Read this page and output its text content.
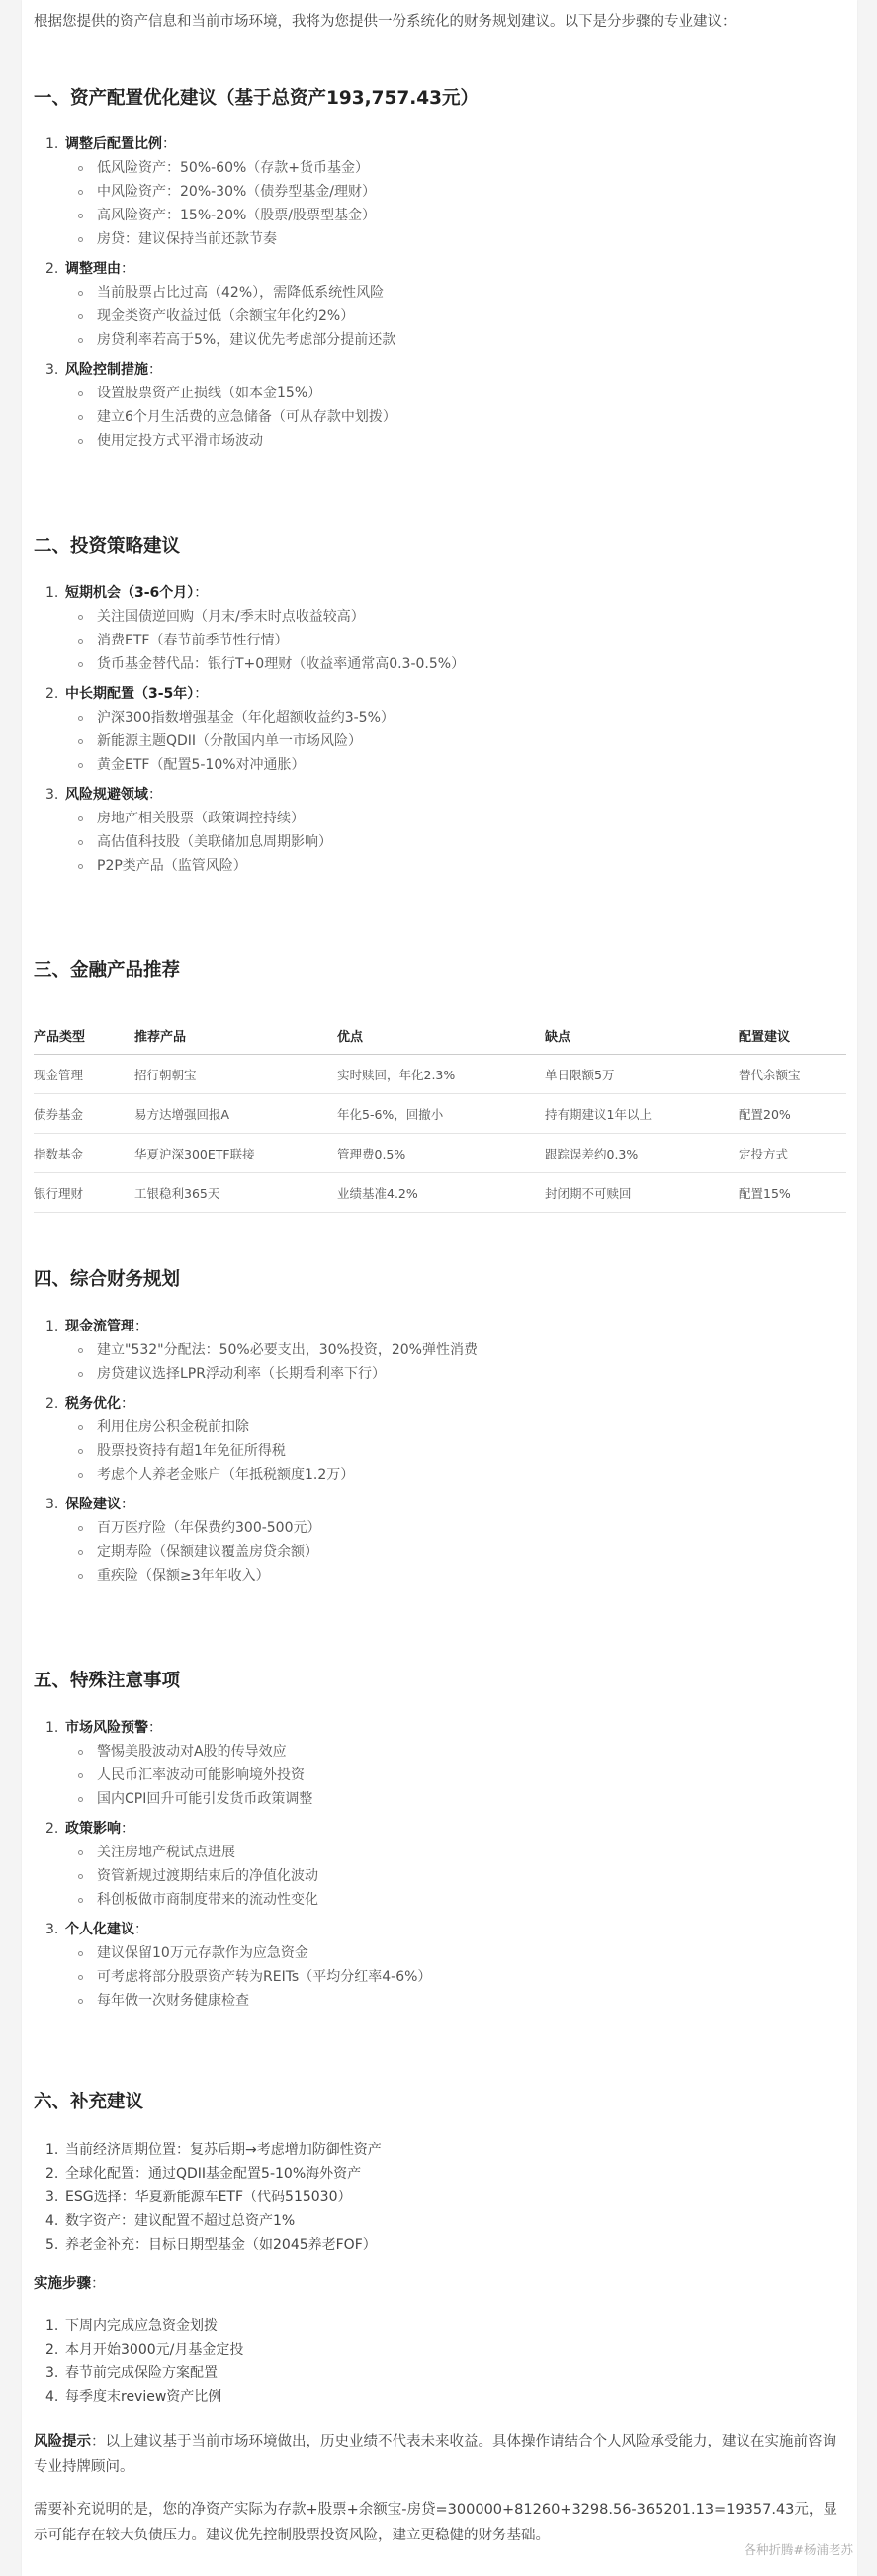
根据您提供的资产信息和当前市场环境，我将为您提供一份系统化的财务规划建议。以下是分步骤的专业建议：

一、资产配置优化建议（基于总资产193,757.43元）
1. 调整后配置比例：
低风险资产：50%-60%（存款+货币基金）
中风险资产：20%-30%（债券型基金/理财）
高风险资产：15%-20%（股票/股票型基金）
房贷：建议保持当前还款节奏
2. 调整理由：
当前股票占比过高（42%），需降低系统性风险
现金类资产收益过低（余额宝年化约2%）
房贷利率若高于5%，建议优先考虑部分提前还款
3. 风险控制措施：
设置股票资产止损线（如本金15%）
建立6个月生活费的应急储备（可从存款中划拨）
使用定投方式平滑市场波动
二、投资策略建议
1. 短期机会（3-6个月）：
关注国债逆回购（月末/季末时点收益较高）
消费ETF（春节前季节性行情）
货币基金替代品：银行T+0理财（收益率通常高0.3-0.5%）
2. 中长期配置（3-5年）：
沪深300指数增强基金（年化超额收益约3-5%）
新能源主题QDII（分散国内单一市场风险）
黄金ETF（配置5-10%对冲通胀）
3. 风险规避领域：
房地产相关股票（政策调控持续）
高估值科技股（美联储加息周期影响）
P2P类产品（监管风险）
三、金融产品推荐
产品类型	推荐产品	优点	缺点	配置建议
现金管理	招行朝朝宝	实时赎回，年化2.3%	单日限额5万	替代余额宝
债券基金	易方达增强回报A	年化5-6%，回撤小	持有期建议1年以上	配置20%
指数基金	华夏沪深300ETF联接	管理费0.5%	跟踪误差约0.3%	定投方式
银行理财	工银稳利365天	业绩基准4.2%	封闭期不可赎回	配置15%
四、综合财务规划
1. 现金流管理：
建立"532"分配法：50%必要支出，30%投资，20%弹性消费
房贷建议选择LPR浮动利率（长期看利率下行）
2. 税务优化：
利用住房公积金税前扣除
股票投资持有超1年免征所得税
考虑个人养老金账户（年抵税额度1.2万）
3. 保险建议：
百万医疗险（年保费约300-500元）
定期寿险（保额建议覆盖房贷余额）
重疾险（保额≥3年年收入）
五、特殊注意事项
1. 市场风险预警：
警惕美股波动对A股的传导效应
人民币汇率波动可能影响境外投资
国内CPI回升可能引发货币政策调整
2. 政策影响：
关注房地产税试点进展
资管新规过渡期结束后的净值化波动
科创板做市商制度带来的流动性变化
3. 个人化建议：
建议保留10万元存款作为应急资金
可考虑将部分股票资产转为REITs（平均分红率4-6%）
每年做一次财务健康检查
六、补充建议
1. 当前经济周期位置：复苏后期→考虑增加防御性资产
2. 全球化配置：通过QDII基金配置5-10%海外资产
3. ESG选择：华夏新能源车ETF（代码515030）
4. 数字资产：建议配置不超过总资产1%
5. 养老金补充：目标日期型基金（如2045养老FOF）

实施步骤：

1. 下周内完成应急资金划拨
2. 本月开始3000元/月基金定投
3. 春节前完成保险方案配置
4. 每季度末review资产比例

风险提示：以上建议基于当前市场环境做出，历史业绩不代表未来收益。具体操作请结合个人风险承受能力，建议在实施前咨询专业持牌顾问。

需要补充说明的是，您的净资产实际为存款+股票+余额宝-房贷=300000+81260+3298.56-365201.13=19357.43元，显示可能存在较大负债压力。建议优先控制股票投资风险，建立更稳健的财务基础。

各种折腾#杨浦老苏
